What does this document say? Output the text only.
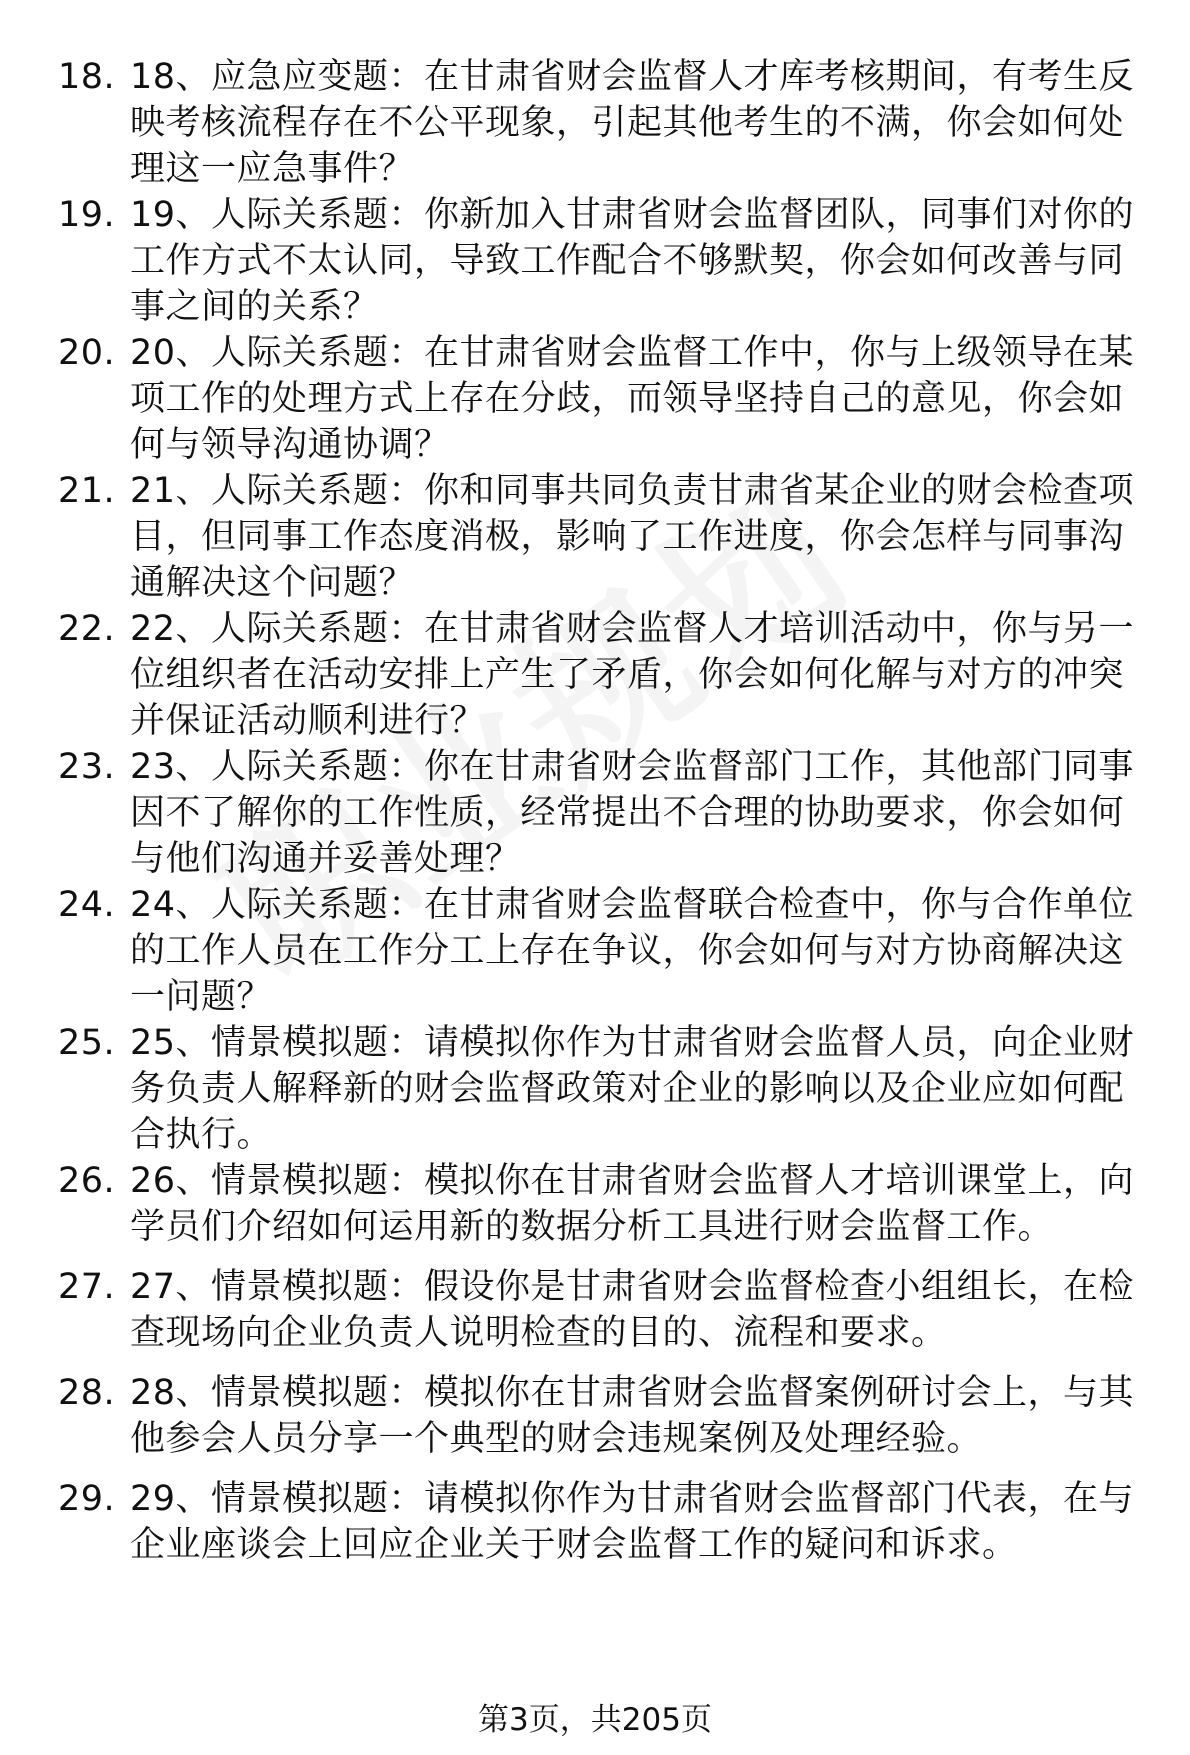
18. 18、应急应变题：在甘肃省财会监督人才库考核期间，有考生反映考核流程存在不公平现象，引起其他考生的不满，你会如何处理这一应急事件？
19. 19、人际关系题：你新加入甘肃省财会监督团队，同事们对你的工作方式不太认同，导致工作配合不够默契，你会如何改善与同事之间的关系？
20. 20、人际关系题：在甘肃省财会监督工作中，你与上级领导在某项工作的处理方式上存在分歧，而领导坚持自己的意见，你会如何与领导沟通协调？
21. 21、人际关系题：你和同事共同负责甘肃省某企业的财会检查项目，但同事工作态度消极，影响了工作进度，你会怎样与同事沟通解决这个问题？
22. 22、人际关系题：在甘肃省财会监督人才培训活动中，你与另一位组织者在活动安排上产生了矛盾，你会如何化解与对方的冲突并保证活动顺利进行？
23. 23、人际关系题：你在甘肃省财会监督部门工作，其他部门同事因不了解你的工作性质，经常提出不合理的协助要求，你会如何与他们沟通并妥善处理？
24. 24、人际关系题：在甘肃省财会监督联合检查中，你与合作单位的工作人员在工作分工上存在争议，你会如何与对方协商解决这一问题？
25. 25、情景模拟题：请模拟你作为甘肃省财会监督人员，向企业财务负责人解释新的财会监督政策对企业的影响以及企业应如何配合执行。
26. 26、情景模拟题：模拟你在甘肃省财会监督人才培训课堂上，向学员们介绍如何运用新的数据分析工具进行财会监督工作。
27. 27、情景模拟题：假设你是甘肃省财会监督检查小组组长，在检查现场向企业负责人说明检查的目的、流程和要求。
28. 28、情景模拟题：模拟你在甘肃省财会监督案例研讨会上，与其他参会人员分享一个典型的财会违规案例及处理经验。
29. 29、情景模拟题：请模拟你作为甘肃省财会监督部门代表，在与企业座谈会上回应企业关于财会监督工作的疑问和诉求。
第3页，共205页
